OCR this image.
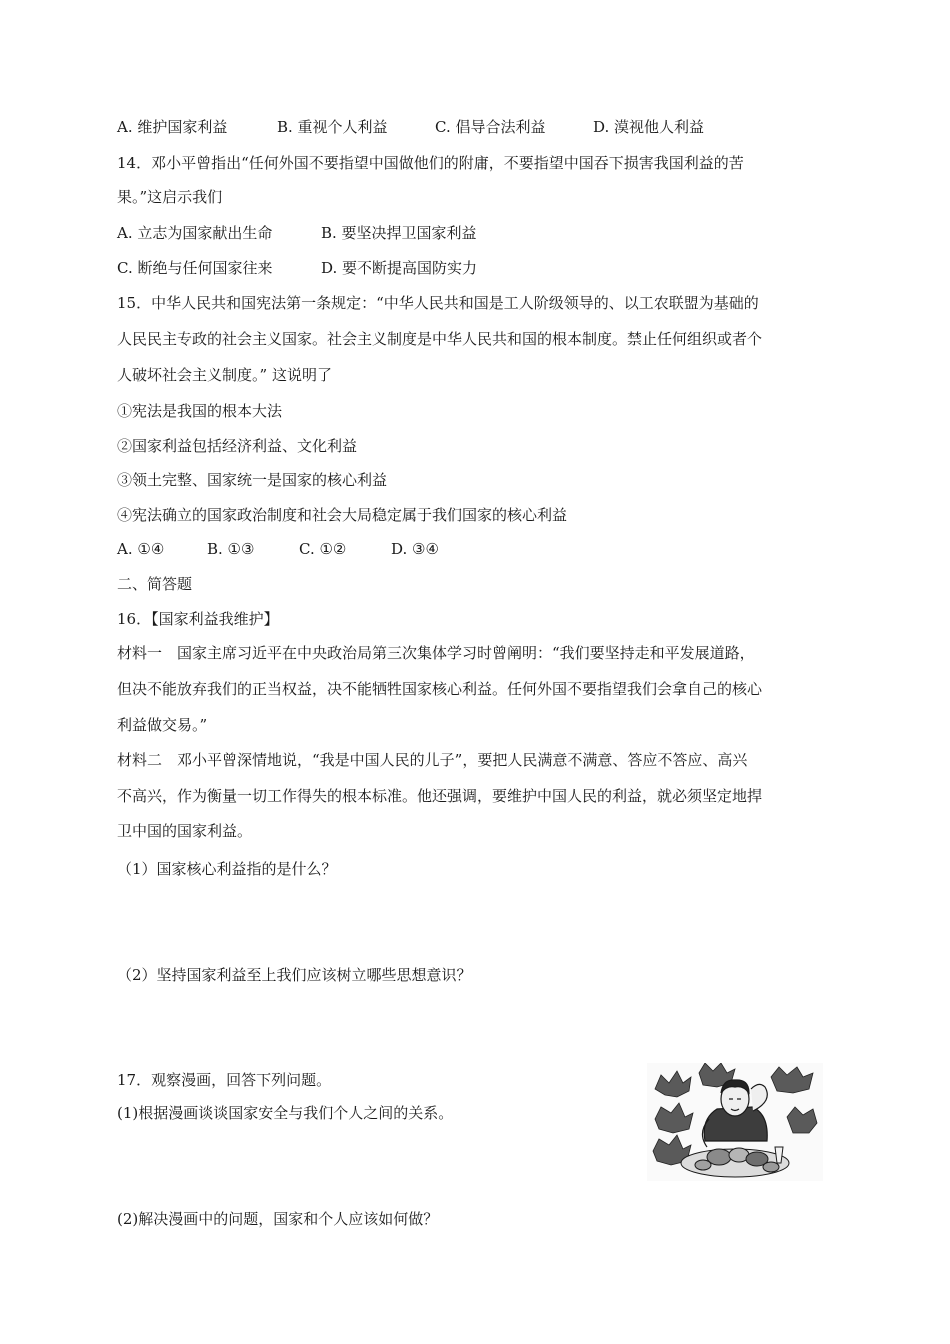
A. 维护国家利益	B. 重视个人利益	C. 倡导合法利益	D. 漠视他人利益
14．邓小平曾指出“任何外国不要指望中国做他们的附庸，不要指望中国吞下损害我国利益的苦
果。”这启示我们
A. 立志为国家献出生命	B. 要坚决捍卫国家利益
C. 断绝与任何国家往来	D. 要不断提高国防实力
15．中华人民共和国宪法第一条规定：“中华人民共和国是工人阶级领导的、以工农联盟为基础的
人民民主专政的社会主义国家。社会主义制度是中华人民共和国的根本制度。禁止任何组织或者个
人破坏社会主义制度。” 这说明了
①宪法是我国的根本大法
②国家利益包括经济利益、文化利益
③领土完整、国家统一是国家的核心利益
④宪法确立的国家政治制度和社会大局稳定属于我们国家的核心利益
A. ①④	B. ①③	C. ①②	D. ③④
二、简答题
16．【国家利益我维护】
材料一　国家主席习近平在中央政治局第三次集体学习时曾阐明：“我们要坚持走和平发展道路，
但决不能放弃我们的正当权益，决不能牺牲国家核心利益。任何外国不要指望我们会拿自己的核心
利益做交易。”
材料二　邓小平曾深情地说，“我是中国人民的儿子”，要把人民满意不满意、答应不答应、高兴
不高兴，作为衡量一切工作得失的根本标准。他还强调，要维护中国人民的利益，就必须坚定地捍
卫中国的国家利益。
（1）国家核心利益指的是什么？
（2）坚持国家利益至上我们应该树立哪些思想意识？
17．观察漫画，回答下列问题。
(1)根据漫画谈谈国家安全与我们个人之间的关系。
(2)解决漫画中的问题，国家和个人应该如何做？
